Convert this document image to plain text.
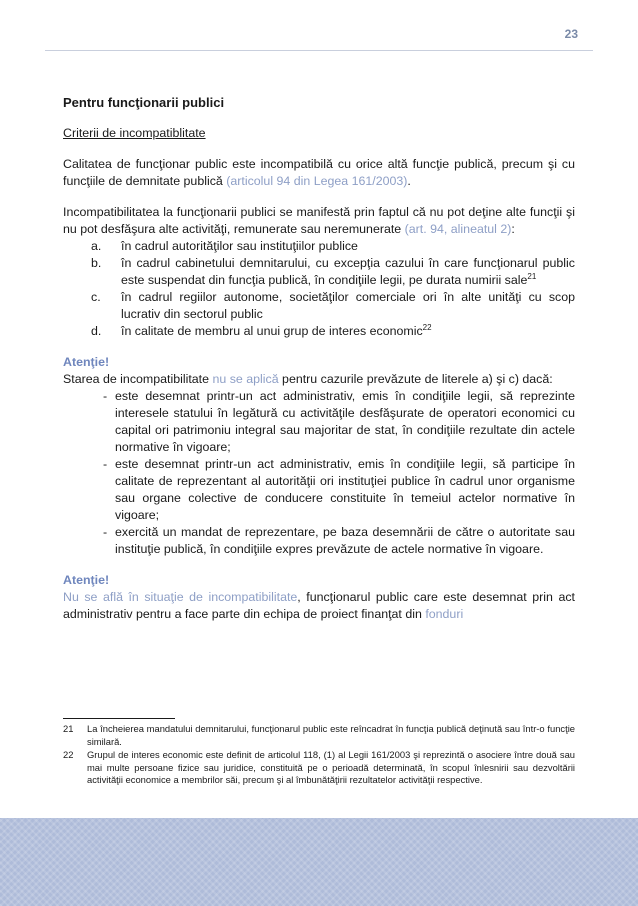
23

Pentru funcţionarii publici

Criterii de incompatiblitate

Calitatea de funcţionar public este incompatibilă cu orice altă funcţie publică, precum şi cu funcţiile de demnitate publică (articolul 94 din Legea 161/2003).

Incompatibilitatea la funcţionarii publici se manifestă prin faptul că nu pot deţine alte funcţii şi nu pot desfăşura alte activităţi, remunerate sau neremunerate (art. 94, alineatul 2):

a.	în cadrul autorităţilor sau instituţiilor publice
b.	în cadrul cabinetului demnitarului, cu excepţia cazului în care funcţionarul public este suspendat din funcţia publică, în condiţiile legii, pe durata numirii sale$^{21}$
c.	în cadrul regiilor autonome, societăţilor comerciale ori în alte unităţi cu scop lucrativ din sectorul public
d.	în calitate de membru al unui grup de interes economic$^{22}$

Atenţie!

Starea de incompatibilitate nu se aplică pentru cazurile prevăzute de literele a) şi c) dacă:

- este desemnat printr-un act administrativ, emis în condiţiile legii, să reprezinte interesele statului în legătură cu activităţile desfăşurate de operatori economici cu capital ori patrimoniu integral sau majoritar de stat, în condiţiile rezultate din actele normative în vigoare;
- este desemnat printr-un act administrativ, emis în condiţiile legii, să participe în calitate de reprezentant al autorităţii ori instituţiei publice în cadrul unor organisme sau organe colective de conducere constituite în temeiul actelor normative în vigoare;
- exercită un mandat de reprezentare, pe baza desemnării de către o autoritate sau instituţie publică, în condiţiile expres prevăzute de actele normative în vigoare.

Atenţie!

Nu se află în situaţie de incompatibilitate, funcţionarul public care este desemnat prin act administrativ pentru a face parte din echipa de proiect finanţat din fonduri

21	La încheierea mandatului demnitarului, funcţionarul public este reîncadrat în funcţia publică deţinută sau într-o funcţie similară.
22	Grupul de interes economic este definit de articolul 118, (1) al Legii 161/2003 şi reprezintă o asociere între două sau mai multe persoane fizice sau juridice, constituită pe o perioadă determinată, în scopul înlesnirii sau dezvoltării activităţii economice a membrilor săi, precum şi al îmbunătăţirii rezultatelor activităţii respective.
